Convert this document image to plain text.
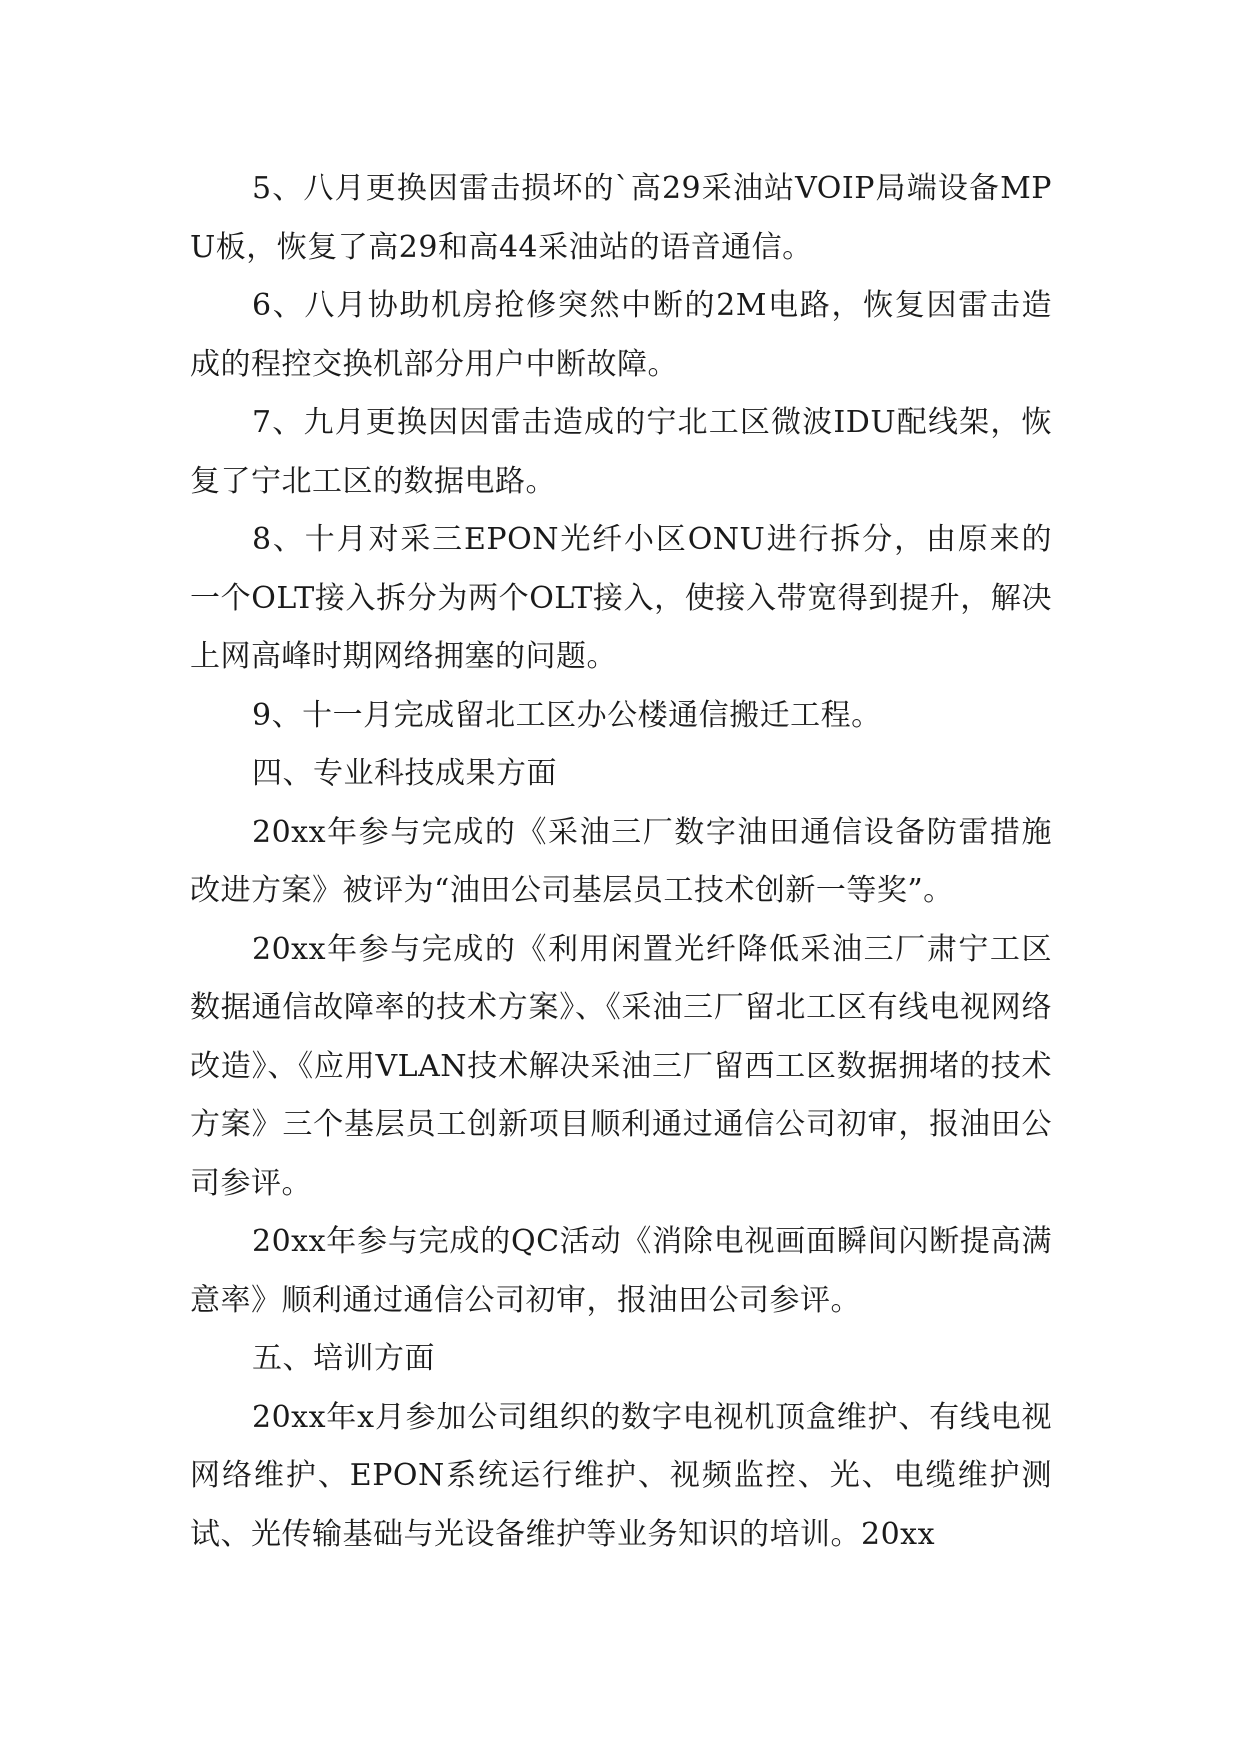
5、八月更换因雷击损坏的`高29采油站VOIP局端设备MPU板，恢复了高29和高44采油站的语音通信。

6、八月协助机房抢修突然中断的2M电路，恢复因雷击造成的程控交换机部分用户中断故障。

7、九月更换因因雷击造成的宁北工区微波IDU配线架，恢复了宁北工区的数据电路。

8、十月对采三EPON光纤小区ONU进行拆分，由原来的一个OLT接入拆分为两个OLT接入，使接入带宽得到提升，解决上网高峰时期网络拥塞的问题。

9、十一月完成留北工区办公楼通信搬迁工程。

四、专业科技成果方面

20xx年参与完成的《采油三厂数字油田通信设备防雷措施改进方案》被评为“油田公司基层员工技术创新一等奖”。

20xx年参与完成的《利用闲置光纤降低采油三厂肃宁工区数据通信故障率的技术方案》、《采油三厂留北工区有线电视网络改造》、《应用VLAN技术解决采油三厂留西工区数据拥堵的技术方案》三个基层员工创新项目顺利通过通信公司初审，报油田公司参评。

20xx年参与完成的QC活动《消除电视画面瞬间闪断提高满意率》顺利通过通信公司初审，报油田公司参评。

五、培训方面

20xx年x月参加公司组织的数字电视机顶盒维护、有线电视网络维护、EPON系统运行维护、视频监控、光、电缆维护测试、光传输基础与光设备维护等业务知识的培训。20xx
